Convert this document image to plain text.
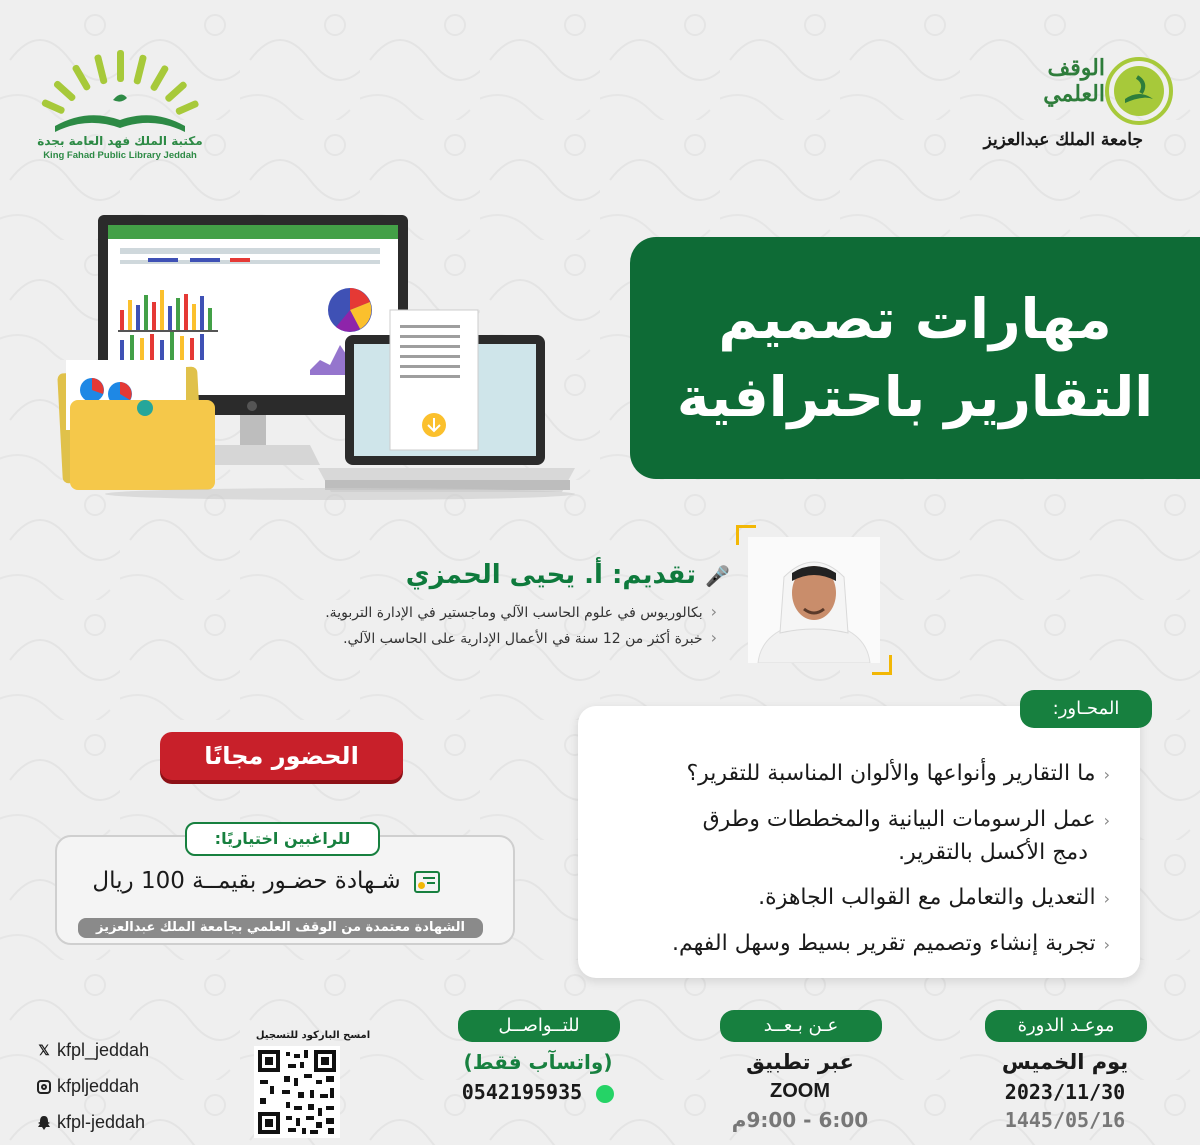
مكتبة الملك فهد العامة بجدة
King Fahad Public Library Jeddah
الوقف العلمي
جامعة الملك عبدالعزيز
مهارات تصميم
التقارير باحترافية
🎤 تقديم: أ. يحيى الحمزي
‹بكالوريوس في علوم الحاسب الآلي وماجستير في الإدارة التربوية.
‹خبرة أكثر من 12 سنة في الأعمال الإدارية على الحاسب الآلي.
‹ما التقارير وأنواعها والألوان المناسبة للتقرير؟
‹عمل الرسومات البيانية والمخططات وطرق
دمج الأكسل بالتقرير.
‹التعديل والتعامل مع القوالب الجاهزة.
‹تجربة إنشاء وتصميم تقرير بسيط وسهل الفهم.
المحـاور:
الحضور مجانًا
للراغبين اختياريًا:
شـهادة حضـور بقيمــة 100 ريال
الشهادة معتمدة من الوقف العلمي بجامعة الملك عبدالعزيز
موعـد الدورة
يوم الخميس
2023/11/30
1445/05/16
عـن بـعــد
عبر تطبيق
ZOOM
6:00 - 9:00م
للتــواصــل
(واتسآب فقط)
0542195935
امسح الباركود للتسجيل
𝕏 kfpl_jeddah
kfpljeddah
kfpl-jeddah
